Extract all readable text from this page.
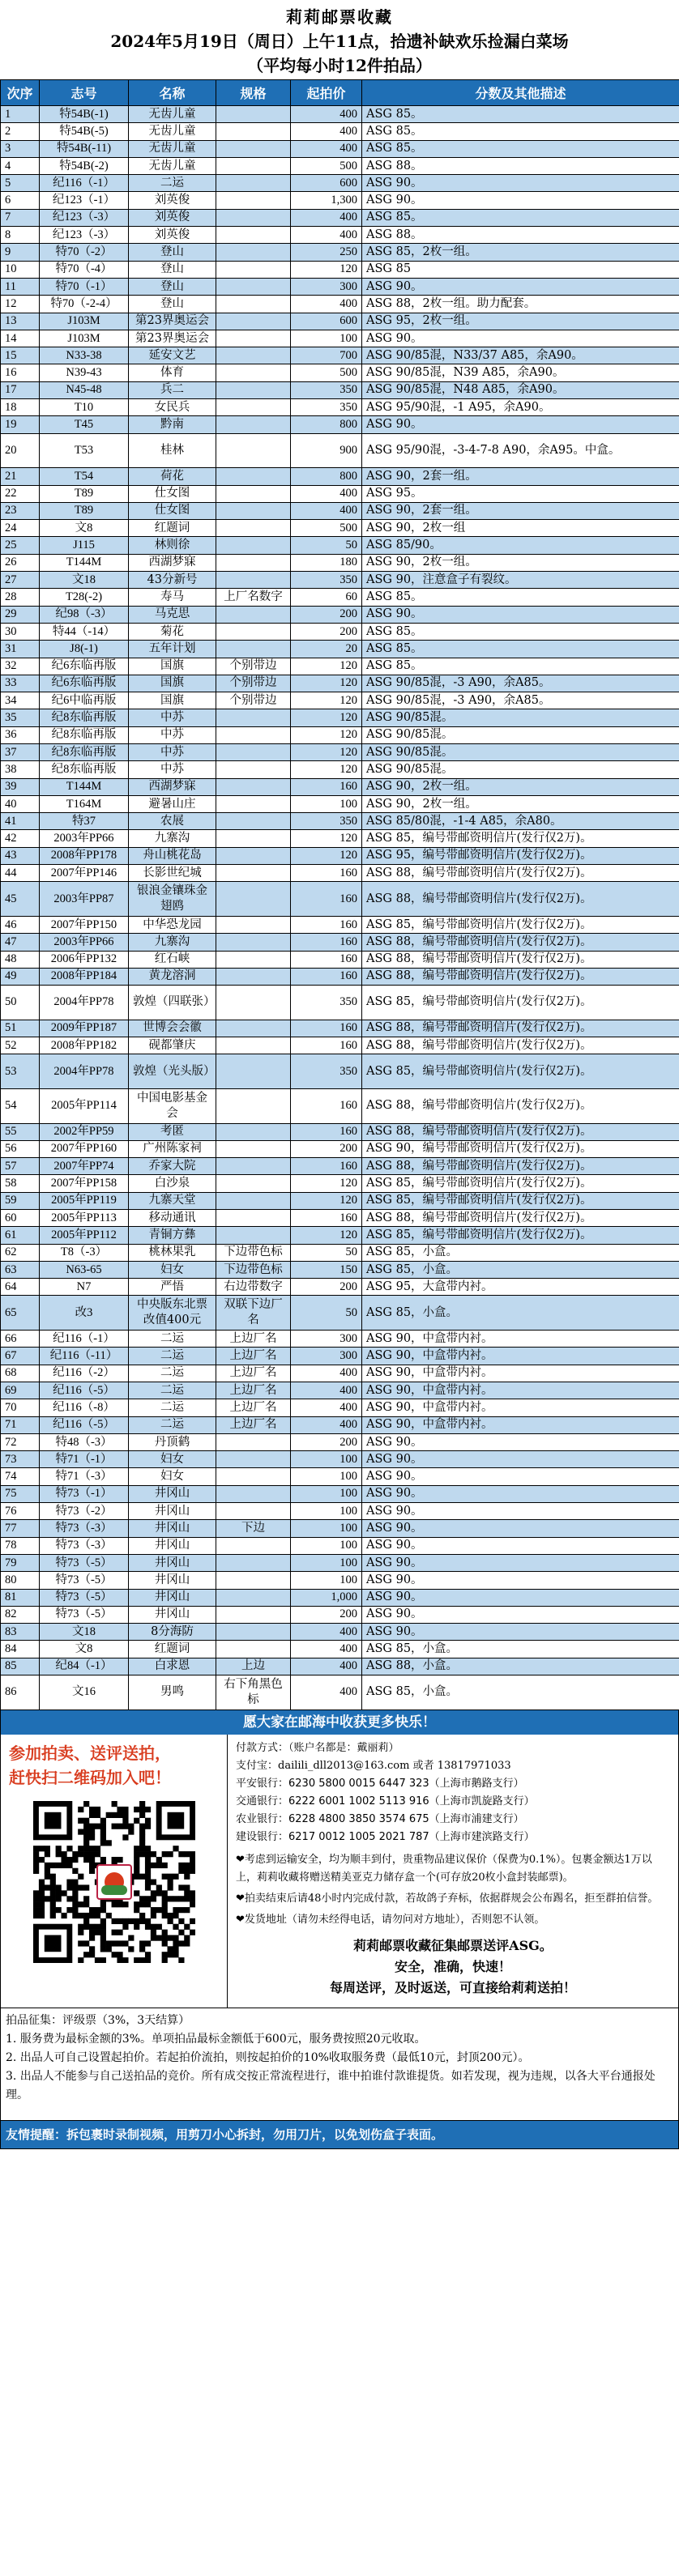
莉莉邮票收藏
2024年5月19日（周日）上午11点，拾遗补缺欢乐捡漏白菜场
（平均每小时12件拍品）
次序	志号	名称	规格	起拍价	分数及其他描述
1	特54B(-1)	无齿儿童		400	ASG 85。
2	特54B(-5)	无齿儿童		400	ASG 85。
3	特54B(-11)	无齿儿童		400	ASG 85。
4	特54B(-2)	无齿儿童		500	ASG 88。
5	纪116（-1）	二运		600	ASG 90。
6	纪123（-1）	刘英俊		1,300	ASG 90。
7	纪123（-3）	刘英俊		400	ASG 85。
8	纪123（-3）	刘英俊		400	ASG 88。
9	特70（-2）	登山		250	ASG 85，2枚一组。
10	特70（-4）	登山		120	ASG 85
11	特70（-1）	登山		300	ASG 90。
12	特70（-2-4）	登山		400	ASG 88，2枚一组。助力配套。
13	J103M	第23界奥运会		600	ASG 95，2枚一组。
14	J103M	第23界奥运会		100	ASG 90。
15	N33-38	延安文艺		700	ASG 90/85混，N33/37 A85，余A90。
16	N39-43	体育		500	ASG 90/85混，N39 A85，余A90。
17	N45-48	兵二		350	ASG 90/85混，N48 A85，余A90。
18	T10	女民兵		350	ASG 95/90混，-1 A95，余A90。
19	T45	黔南		800	ASG 90。
20	T53	桂林		900	ASG 95/90混，-3-4-7-8 A90，余A95。中盒。
21	T54	荷花		800	ASG 90，2套一组。
22	T89	仕女图		400	ASG 95。
23	T89	仕女图		400	ASG 90，2套一组。
24	文8	红题词		500	ASG 90，2枚一组
25	J115	林则徐		50	ASG 85/90。
26	T144M	西湖梦寐		180	ASG 90，2枚一组。
27	文18	43分新号		350	ASG 90，注意盒子有裂纹。
28	T28(-2)	寿马	上厂名数字	60	ASG 85。
29	纪98（-3）	马克思		200	ASG 90。
30	特44（-14）	菊花		200	ASG 85。
31	J8(-1)	五年计划		20	ASG 85。
32	纪6东临再版	国旗	个别带边	120	ASG 85。
33	纪6东临再版	国旗	个别带边	120	ASG 90/85混，-3 A90，余A85。
34	纪6中临再版	国旗	个别带边	120	ASG 90/85混，-3 A90，余A85。
35	纪8东临再版	中苏		120	ASG 90/85混。
36	纪8东临再版	中苏		120	ASG 90/85混。
37	纪8东临再版	中苏		120	ASG 90/85混。
38	纪8东临再版	中苏		120	ASG 90/85混。
39	T144M	西湖梦寐		160	ASG 90，2枚一组。
40	T164M	避暑山庄		100	ASG 90，2枚一组。
41	特37	农展		350	ASG 85/80混，-1-4 A85，余A80。
42	2003年PP66	九寨沟		120	ASG 85，编号带邮资明信片(发行仅2万)。
43	2008年PP178	舟山桃花岛		120	ASG 95，编号带邮资明信片(发行仅2万)。
44	2007年PP146	长影世纪城		160	ASG 88，编号带邮资明信片(发行仅2万)。
45	2003年PP87	银浪金镶珠金翅鸥		160	ASG 88，编号带邮资明信片(发行仅2万)。
46	2007年PP150	中华恐龙园		160	ASG 85，编号带邮资明信片(发行仅2万)。
47	2003年PP66	九寨沟		160	ASG 88，编号带邮资明信片(发行仅2万)。
48	2006年PP132	红石峡		160	ASG 88，编号带邮资明信片(发行仅2万)。
49	2008年PP184	黄龙溶洞		160	ASG 88，编号带邮资明信片(发行仅2万)。
50	2004年PP78	敦煌（四联张）		350	ASG 85，编号带邮资明信片(发行仅2万)。
51	2009年PP187	世博会会徽		160	ASG 88，编号带邮资明信片(发行仅2万)。
52	2008年PP182	砚都肇庆		160	ASG 88，编号带邮资明信片(发行仅2万)。
53	2004年PP78	敦煌（光头版）		350	ASG 85，编号带邮资明信片(发行仅2万)。
54	2005年PP114	中国电影基金会		160	ASG 88，编号带邮资明信片(发行仅2万)。
55	2002年PP59	考匿		160	ASG 88，编号带邮资明信片(发行仅2万)。
56	2007年PP160	广州陈家祠		200	ASG 90，编号带邮资明信片(发行仅2万)。
57	2007年PP74	乔家大院		160	ASG 88，编号带邮资明信片(发行仅2万)。
58	2007年PP158	白沙泉		120	ASG 85，编号带邮资明信片(发行仅2万)。
59	2005年PP119	九寨天堂		120	ASG 85，编号带邮资明信片(发行仅2万)。
60	2005年PP113	移动通讯		160	ASG 88，编号带邮资明信片(发行仅2万)。
61	2005年PP112	青铜方彝		120	ASG 85，编号带邮资明信片(发行仅2万)。
62	T8（-3）	桃林果乳	下边带色标	50	ASG 85，小盒。
63	N63-65	妇女	下边带色标	150	ASG 85，小盒。
64	N7	严悟	右边带数字	200	ASG 95，大盒带内衬。
65	改3	中央版东北票改值400元	双联下边厂名	50	ASG 85，小盒。
66	纪116（-1）	二运	上边厂名	300	ASG 90，中盒带内衬。
67	纪116（-11）	二运	上边厂名	300	ASG 90，中盒带内衬。
68	纪116（-2）	二运	上边厂名	400	ASG 90，中盒带内衬。
69	纪116（-5）	二运	上边厂名	400	ASG 90，中盒带内衬。
70	纪116（-8）	二运	上边厂名	400	ASG 90，中盒带内衬。
71	纪116（-5）	二运	上边厂名	400	ASG 90，中盒带内衬。
72	特48（-3）	丹顶鹤		200	ASG 90。
73	特71（-1）	妇女		100	ASG 90。
74	特71（-3）	妇女		100	ASG 90。
75	特73（-1）	井冈山		100	ASG 90。
76	特73（-2）	井冈山		100	ASG 90。
77	特73（-3）	井冈山	下边	100	ASG 90。
78	特73（-3）	井冈山		100	ASG 90。
79	特73（-5）	井冈山		100	ASG 90。
80	特73（-5）	井冈山		100	ASG 90。
81	特73（-5）	井冈山		1,000	ASG 90。
82	特73（-5）	井冈山		200	ASG 90。
83	文18	8分海防		400	ASG 90。
84	文8	红题词		400	ASG 85，小盒。
85	纪84（-1）	白求恩	上边	400	ASG 88，小盒。
86	文16	男鸣	右下角黑色标	400	ASG 85，小盒。
愿大家在邮海中收获更多快乐！
参加拍卖、送评送拍，
赶快扫二维码加入吧！
付款方式：（账户名都是：戴丽莉）
支付宝：dailili_dll2013@163.com 或者 13817971033
平安银行：6230 5800 0015 6447 323（上海市鹅路支行）
交通银行：6222 6001 1002 5113 916（上海市凯旋路支行）
农业银行：6228 4800 3850 3574 675（上海市浦建支行）
建设银行：6217 0012 1005 2021 787（上海市建滨路支行）

❤考虑到运输安全，均为顺丰到付，贵重物品建议保价（保费为0.1%）。包裹金额达1万以上，莉莉收藏将赠送精美亚克力储存盒一个(可存放20枚小盒封装邮票)。

❤拍卖结束后请48小时内完成付款，若故鸽子弃标，依据群规会公布踢名，拒至群拍信誉。

❤发货地址（请勿未经得电话，请勿问对方地址），否则恕不认领。

莉莉邮票收藏征集邮票送评ASG。
安全，准确，快速！
每周送评，及时返送，可直接给莉莉送拍！

拍品征集：评级票（3%，3天结算）

1. 服务费为最标金额的3%。单项拍品最标金额低于600元，服务费按照20元收取。

2. 出品人可自己设置起拍价。若起拍价流拍，则按起拍价的10%收取服务费（最低10元，封顶200元）。

3. 出品人不能参与自己送拍品的竞价。所有成交按正常流程进行，谁中拍谁付款谁提货。如若发现，视为违规，以各大平台通报处理。

友情提醒：拆包裹时录制视频，用剪刀小心拆封，勿用刀片，以免划伤盒子表面。
